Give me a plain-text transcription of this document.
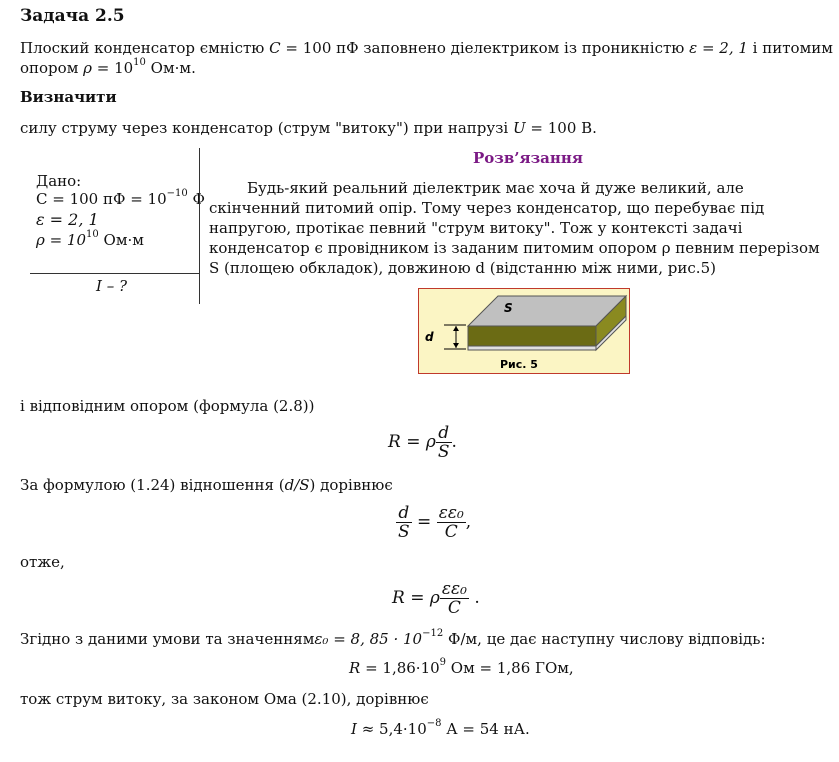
Задача 2.5
Плоский конденсатор ємністю C = 100 пФ заповнено діелектриком із проникністю ε = 2, 1 і питомим
опором $\rho = 10^{10}$ Ом·м.
Визначити
силу струму через конденсатор (струм "витоку") при напрузі U = 100 В.
Дано:
C = 100 пФ = $10^{-10}$ Ф
ε = 2, 1
$\rho = 10^{10}$ Ом·м
I – ?
Розв’язання
Будь-який реальний діелектрик має хоча й дуже великий, але скінченний питомий опір. Тому через конденсатор, що перебуває під напругою, протікає певний "струм витоку". Тож у контексті задачі конденсатор є провідником із заданим питомим опором ρ певним перерізом S (площею обкладок), довжиною d (відстанню між ними, рис.5)
S
d
Рис. 5
і відповідним опором (формула (2.8))
R = ρ $\frac{d}{S}$ .
За формулою (1.24) відношення (d/S) дорівнює
$\frac{d}{S} = \frac{\text{εε₀}}{C}$ ,
отже,
R = ρ $\frac{\text{εε₀}}{C}$ .
Згідно з даними умови та значеннямε₀ = 8, $85 \cdot 10^{-12}$ Ф/м, це дає наступну числову відповідь:
$R = 1,86\cdot 10^9$ Ом = 1,86 ГОм,
тож струм витоку, за законом Ома (2.10), дорівнює
$I \approx 5,4\cdot 10^{-8}$ А = 54 нА.
